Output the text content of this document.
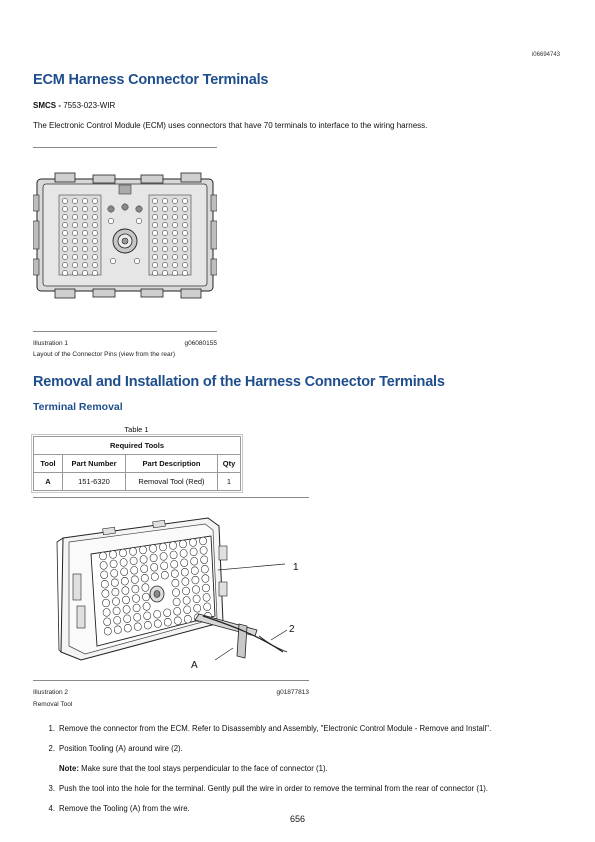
i06694743
ECM Harness Connector Terminals
SMCS - 7553-023-WIR
The Electronic Control Module (ECM) uses connectors that have 70 terminals to interface to the wiring harness.
Illustration 1	g06080155
Layout of the Connector Pins (view from the rear)
Removal and Installation of the Harness Connector Terminals
Terminal Removal
Table 1
Required Tools			
Tool	Part Number	Part Description	Qty
A	151-6320	Removal Tool (Red)	1
1
2
A
Illustration 2	g01877813
Removal Tool
1. Remove the connector from the ECM. Refer to Disassembly and Assembly, "Electronic Control Module - Remove and Install".
2. Position Tooling (A) around wire (2).
Note: Make sure that the tool stays perpendicular to the face of connector (1).
3. Push the tool into the hole for the terminal. Gently pull the wire in order to remove the terminal from the rear of connector (1).
4. Remove the Tooling (A) from the wire.
656
